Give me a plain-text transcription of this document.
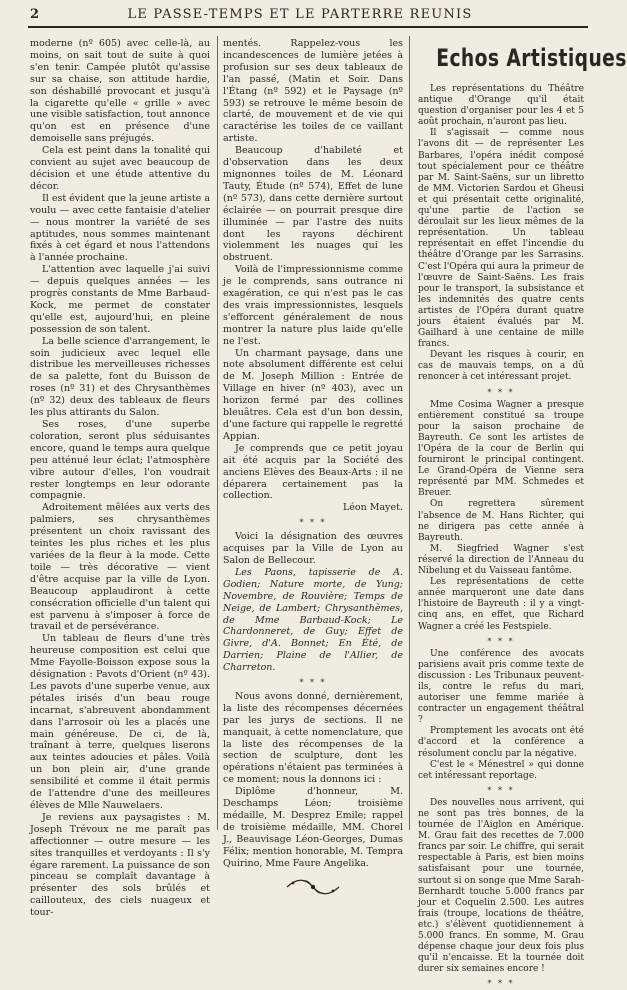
2	LE PASSE-TEMPS ET LE PARTERRE REUNIS

moderne (nº 605) avec celle-là, au moins, on sait tout de suite à quoi s'en tenir. Campée plutôt qu'assise sur sa chaise, son attitude hardie, son déshabillé provocant et jusqu'à la cigarette qu'elle « grille » avec une visible satisfaction, tout annonce qu'on est en présence d'une demoiselle sans préjugés.

Cela est peint dans la tonalité qui convient au sujet avec beaucoup de décision et une étude attentive du décor.

Il est évident que la jeune artiste a voulu — avec cette fantaisie d'atelier — nous montrer la variété de ses aptitudes, nous sommes maintenant fixés à cet égard et nous l'attendons à l'année prochaine.

L'attention avec laquelle j'ai suivi — depuis quelques années — les progrès constants de Mme Barbaud-Kock, me permet de constater qu'elle est, aujourd'hui, en pleine possession de son talent.

La belle science d'arrangement, le soin judicieux avec lequel elle distribue les merveilleuses richesses de sa palette, font du Buisson de roses (nº 31) et des Chrysanthèmes (nº 32) deux des tableaux de fleurs les plus attirants du Salon.

Ses roses, d'une superbe coloration, seront plus séduisantes encore, quand le temps aura quelque peu atténué leur éclat; l'atmosphère vibre autour d'elles, l'on voudrait rester longtemps en leur odorante compagnie.

Adroitement mêlées aux verts des palmiers, ses chrysanthèmes présentent un choix ravissant des teintes les plus riches et les plus variées de la fleur à la mode. Cette toile — très décorative — vient d'être acquise par la ville de Lyon. Beaucoup applaudiront à cette consécration officielle d'un talent qui est parvenu à s'imposer à force de travail et de persévérance.

Un tableau de fleurs d'une très heureuse composition est celui que Mme Fayolle-Boisson expose sous la désignation : Pavots d'Orient (nº 43). Les pavots d'une superbe venue, aux pétales irisés d'un beau rouge incarnat, s'abreuvent abondamment dans l'arrosoir où les a placés une main généreuse. De ci, de là, traînant à terre, quelques liserons aux teintes adoucies et pâles. Voilà un bon plein air, d'une grande sensibilité et comme il était permis de l'attendre d'une des meilleures élèves de Mlle Nauwelaers.

Je reviens aux paysagistes : M. Joseph Trévoux ne me paraît pas affectionner — outre mesure — les sites tranquilles et verdoyants : Il s'y égare rarement. La puissance de son pinceau se complaît davantage à présenter des sols brûlés et caillouteux, des ciels nuageux et tour-

mentés. Rappelez-vous les incandescences de lumière jetées à profusion sur ses deux tableaux de l'an passé, (Matin et Soir. Dans l'Étang (nº 592) et le Paysage (nº 593) se retrouve le même besoin de clarté, de mouvement et de vie qui caractérise les toiles de ce vaillant artiste.

Beaucoup d'habileté et d'observation dans les deux mignonnes toiles de M. Léonard Tauty, Étude (nº 574), Effet de lune (nº 573), dans cette dernière surtout éclairée — on pourrait presque dire illuminée — par l'astre des nuits dont les rayons déchirent violemment les nuages qui les obstruent.

Voilà de l'impressionnisme comme je le comprends, sans outrance ni exagération, ce qui n'est pas le cas des vrais impressionnistes, lesquels s'efforcent généralement de nous montrer la nature plus laide qu'elle ne l'est.

Un charmant paysage, dans une note absolument différente est celui de M. Joseph Million : Entrée de Village en hiver (nº 403), avec un horizon fermé par des collines bleuâtres. Cela est d'un bon dessin, d'une facture qui rappelle le regretté Appian.

Je comprends que ce petit joyau ait été acquis par la Société des anciens Elèves des Beaux-Arts : il ne déparera certainement pas la collection.

Léon Mayet.

* * *

Voici la désignation des œuvres acquises par la Ville de Lyon au Salon de Bellecour.

Les Paons, tapisserie de A. Godien; Nature morte, de Yung; Novembre, de Rouvière; Temps de Neige, de Lambert; Chrysanthèmes, de Mme Barbaud-Kock; Le Chardonneret, de Guy; Effet de Givre, d'A. Bonnet; En Été, de Darrien; Plaine de l'Allier, de Charreton.

* * *

Nous avons donné, dernièrement, la liste des récompenses décernées par les jurys de sections. Il ne manquait, à cette nomenclature, que la liste des récompenses de la section de sculpture, dont les opérations n'étaient pas terminées à ce moment; nous la donnons ici :

Diplôme d'honneur, M. Deschamps Léon; troisième médaille, M. Desprez Emile; rappel de troisième médaille, MM. Chorel J., Beauvisage Léon-Georges, Dumas Félix; mention honorable, M. Tempra Quirino, Mme Faure Angelika.

Echos Artistiques

Les représentations du Théâtre antique d'Orange qu'il était question d'organiser pour les 4 et 5 août prochain, n'auront pas lieu.

Il s'agissait — comme nous l'avons dit — de représenter Les Barbares, l'opéra inédit composé tout spécialement pour ce théâtre par M. Saint-Saëns, sur un libretto de MM. Victorien Sardou et Gheusi et qui présentait cette originalité, qu'une partie de l'action se déroulait sur les lieux mêmes de la représentation. Un tableau représentait en effet l'incendie du théâtre d'Orange par les Sarrasins. C'est l'Opéra qui aura la primeur de l'œuvre de Saint-Saëns. Les frais pour le transport, la subsistance et les indemnités des quatre cents artistes de l'Opéra durant quatre jours étaient évalués par M. Gailhard à une centaine de mille francs.

Devant les risques à courir, en cas de mauvais temps, on a dû renoncer à cet intéressant projet.

* * *

Mme Cosima Wagner a presque entièrement constitué sa troupe pour la saison prochaine de Bayreuth. Ce sont les artistes de l'Opéra de la cour de Berlin qui fourniront le principal contingent. Le Grand-Opéra de Vienne sera représenté par MM. Schmedes et Breuer.

On regrettera sûrement l'absence de M. Hans Richter, qui ne dirigera pas cette année à Bayreuth.

M. Siegfried Wagner s'est réservé la direction de l'Anneau du Nibelung et du Vaisseau fantôme.

Les représentations de cette année marqueront une date dans l'histoire de Bayreuth : il y a vingt-cinq ans, en effet, que Richard Wagner a créé les Festspiele.

* * *

Une conférence des avocats parisiens avait pris comme texte de discussion : Les Tribunaux peuvent-ils, contre le refus du mari, autoriser une femme mariée à contracter un engagement théâtral ?

Promptement les avocats ont été d'accord et la conférence a résolument conclu par la négative.

C'est le « Ménestrel » qui donne cet intéressant reportage.

* * *

Des nouvelles nous arrivent, qui ne sont pas très bonnes, de la tournée de l'Aiglon en Amérique. M. Grau fait des recettes de 7.000 francs par soir. Le chiffre, qui serait respectable à Paris, est bien moins satisfaisant pour une tournée, surtout si on songe que Mme Sarah-Bernhardt touche 5.000 francs par jour et Coquelin 2.500. Les autres frais (troupe, locations de théâtre, etc.) s'élèvent quotidiennement à 5.000 francs. En somme, M. Grau dépense chaque jour deux fois plus qu'il n'encaisse. Et la tournée doit durer six semaines encore !

* * *
